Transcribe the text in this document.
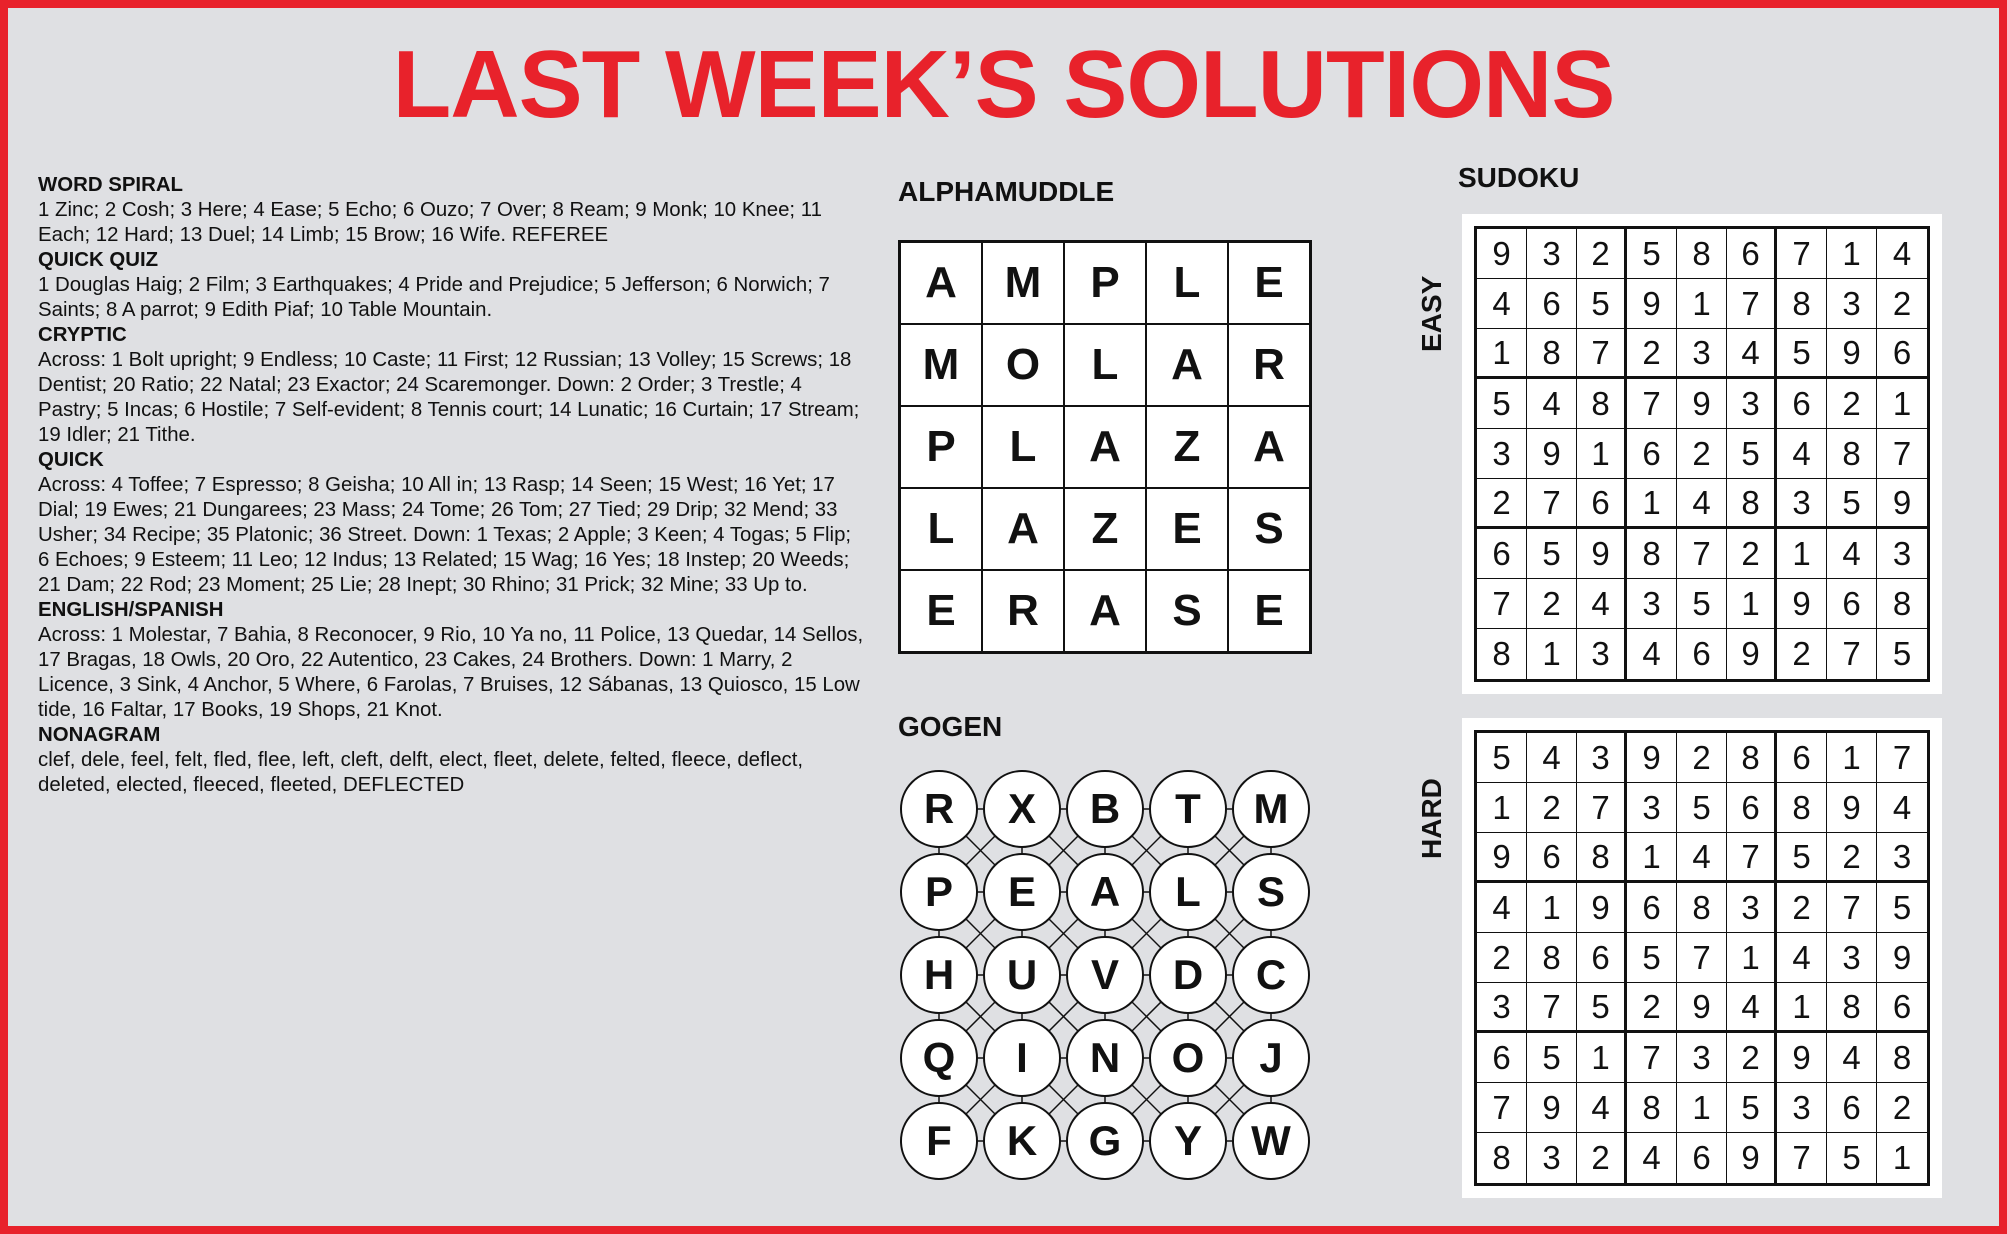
LAST WEEK’S SOLUTIONS
WORD SPIRAL

1 Zinc; 2 Cosh; 3 Here; 4 Ease; 5 Echo; 6 Ouzo; 7 Over; 8 Ream; 9 Monk; 10 Knee; 11 Each; 12 Hard; 13 Duel; 14 Limb; 15 Brow; 16 Wife. REFEREE

QUICK QUIZ

1 Douglas Haig; 2 Film; 3 Earthquakes; 4 Pride and Prejudice; 5 Jefferson; 6 Norwich; 7 Saints; 8 A parrot; 9 Edith Piaf; 10 Table Mountain.

CRYPTIC

Across: 1 Bolt upright; 9 Endless; 10 Caste; 11 First; 12 Russian; 13 Volley; 15 Screws; 18 Dentist; 20 Ratio; 22 Natal; 23 Exactor; 24 Scaremonger. Down: 2 Order; 3 Trestle; 4 Pastry; 5 Incas; 6 Hostile; 7 Self-evident; 8 Tennis court; 14 Lunatic; 16 Curtain; 17 Stream; 19 Idler; 21 Tithe.

QUICK

Across: 4 Toffee; 7 Espresso; 8 Geisha; 10 All in; 13 Rasp; 14 Seen; 15 West; 16 Yet; 17 Dial; 19 Ewes; 21 Dungarees; 23 Mass; 24 Tome; 26 Tom; 27 Tied; 29 Drip; 32 Mend; 33 Usher; 34 Recipe; 35 Platonic; 36 Street. Down: 1 Texas; 2 Apple; 3 Keen; 4 Togas; 5 Flip; 6 Echoes; 9 Esteem; 11 Leo; 12 Indus; 13 Related; 15 Wag; 16 Yes; 18 Instep; 20 Weeds; 21 Dam; 22 Rod; 23 Moment; 25 Lie; 28 Inept; 30 Rhino; 31 Prick; 32 Mine; 33 Up to.

ENGLISH/SPANISH

Across: 1 Molestar, 7 Bahia, 8 Reconocer, 9 Rio, 10 Ya no, 11 Police, 13 Quedar, 14 Sellos, 17 Bragas, 18 Owls, 20 Oro, 22 Autentico, 23 Cakes, 24 Brothers. Down: 1 Marry, 2 Licence, 3 Sink, 4 Anchor, 5 Where, 6 Farolas, 7 Bruises, 12 Sábanas, 13 Quiosco, 15 Low tide, 16 Faltar, 17 Books, 19 Shops, 21 Knot.

NONAGRAM

clef, dele, feel, felt, fled, flee, left, cleft, delft, elect, fleet, delete, felted, fleece, deflect, deleted, elected, fleeced, fleeted, DEFLECTED

ALPHAMUDDLE
A	M	P	L	E
M	O	L	A	R
P	L	A	Z	A
L	A	Z	E	S
E	R	A	S	E
GOGEN
R	X	B	T	M
P	E	A	L	S
H	U	V	D	C
Q	I	N	O	J
F	K	G	Y	W
SUDOKU
EASY
9 3 2 5 8 6 7 1 4
4 6 5 9 1 7 8 3 2
1 8 7 2 3 4 5 9 6
5 4 8 7 9 3 6 2 1
3 9 1 6 2 5 4 8 7
2 7 6 1 4 8 3 5 9
6 5 9 8 7 2 1 4 3
7 2 4 3 5 1 9 6 8
8 1 3 4 6 9 2 7 5
HARD
5 4 3 9 2 8 6 1 7
1 2 7 3 5 6 8 9 4
9 6 8 1 4 7 5 2 3
4 1 9 6 8 3 2 7 5
2 8 6 5 7 1 4 3 9
3 7 5 2 9 4 1 8 6
6 5 1 7 3 2 9 4 8
7 9 4 8 1 5 3 6 2
8 3 2 4 6 9 7 5 1
